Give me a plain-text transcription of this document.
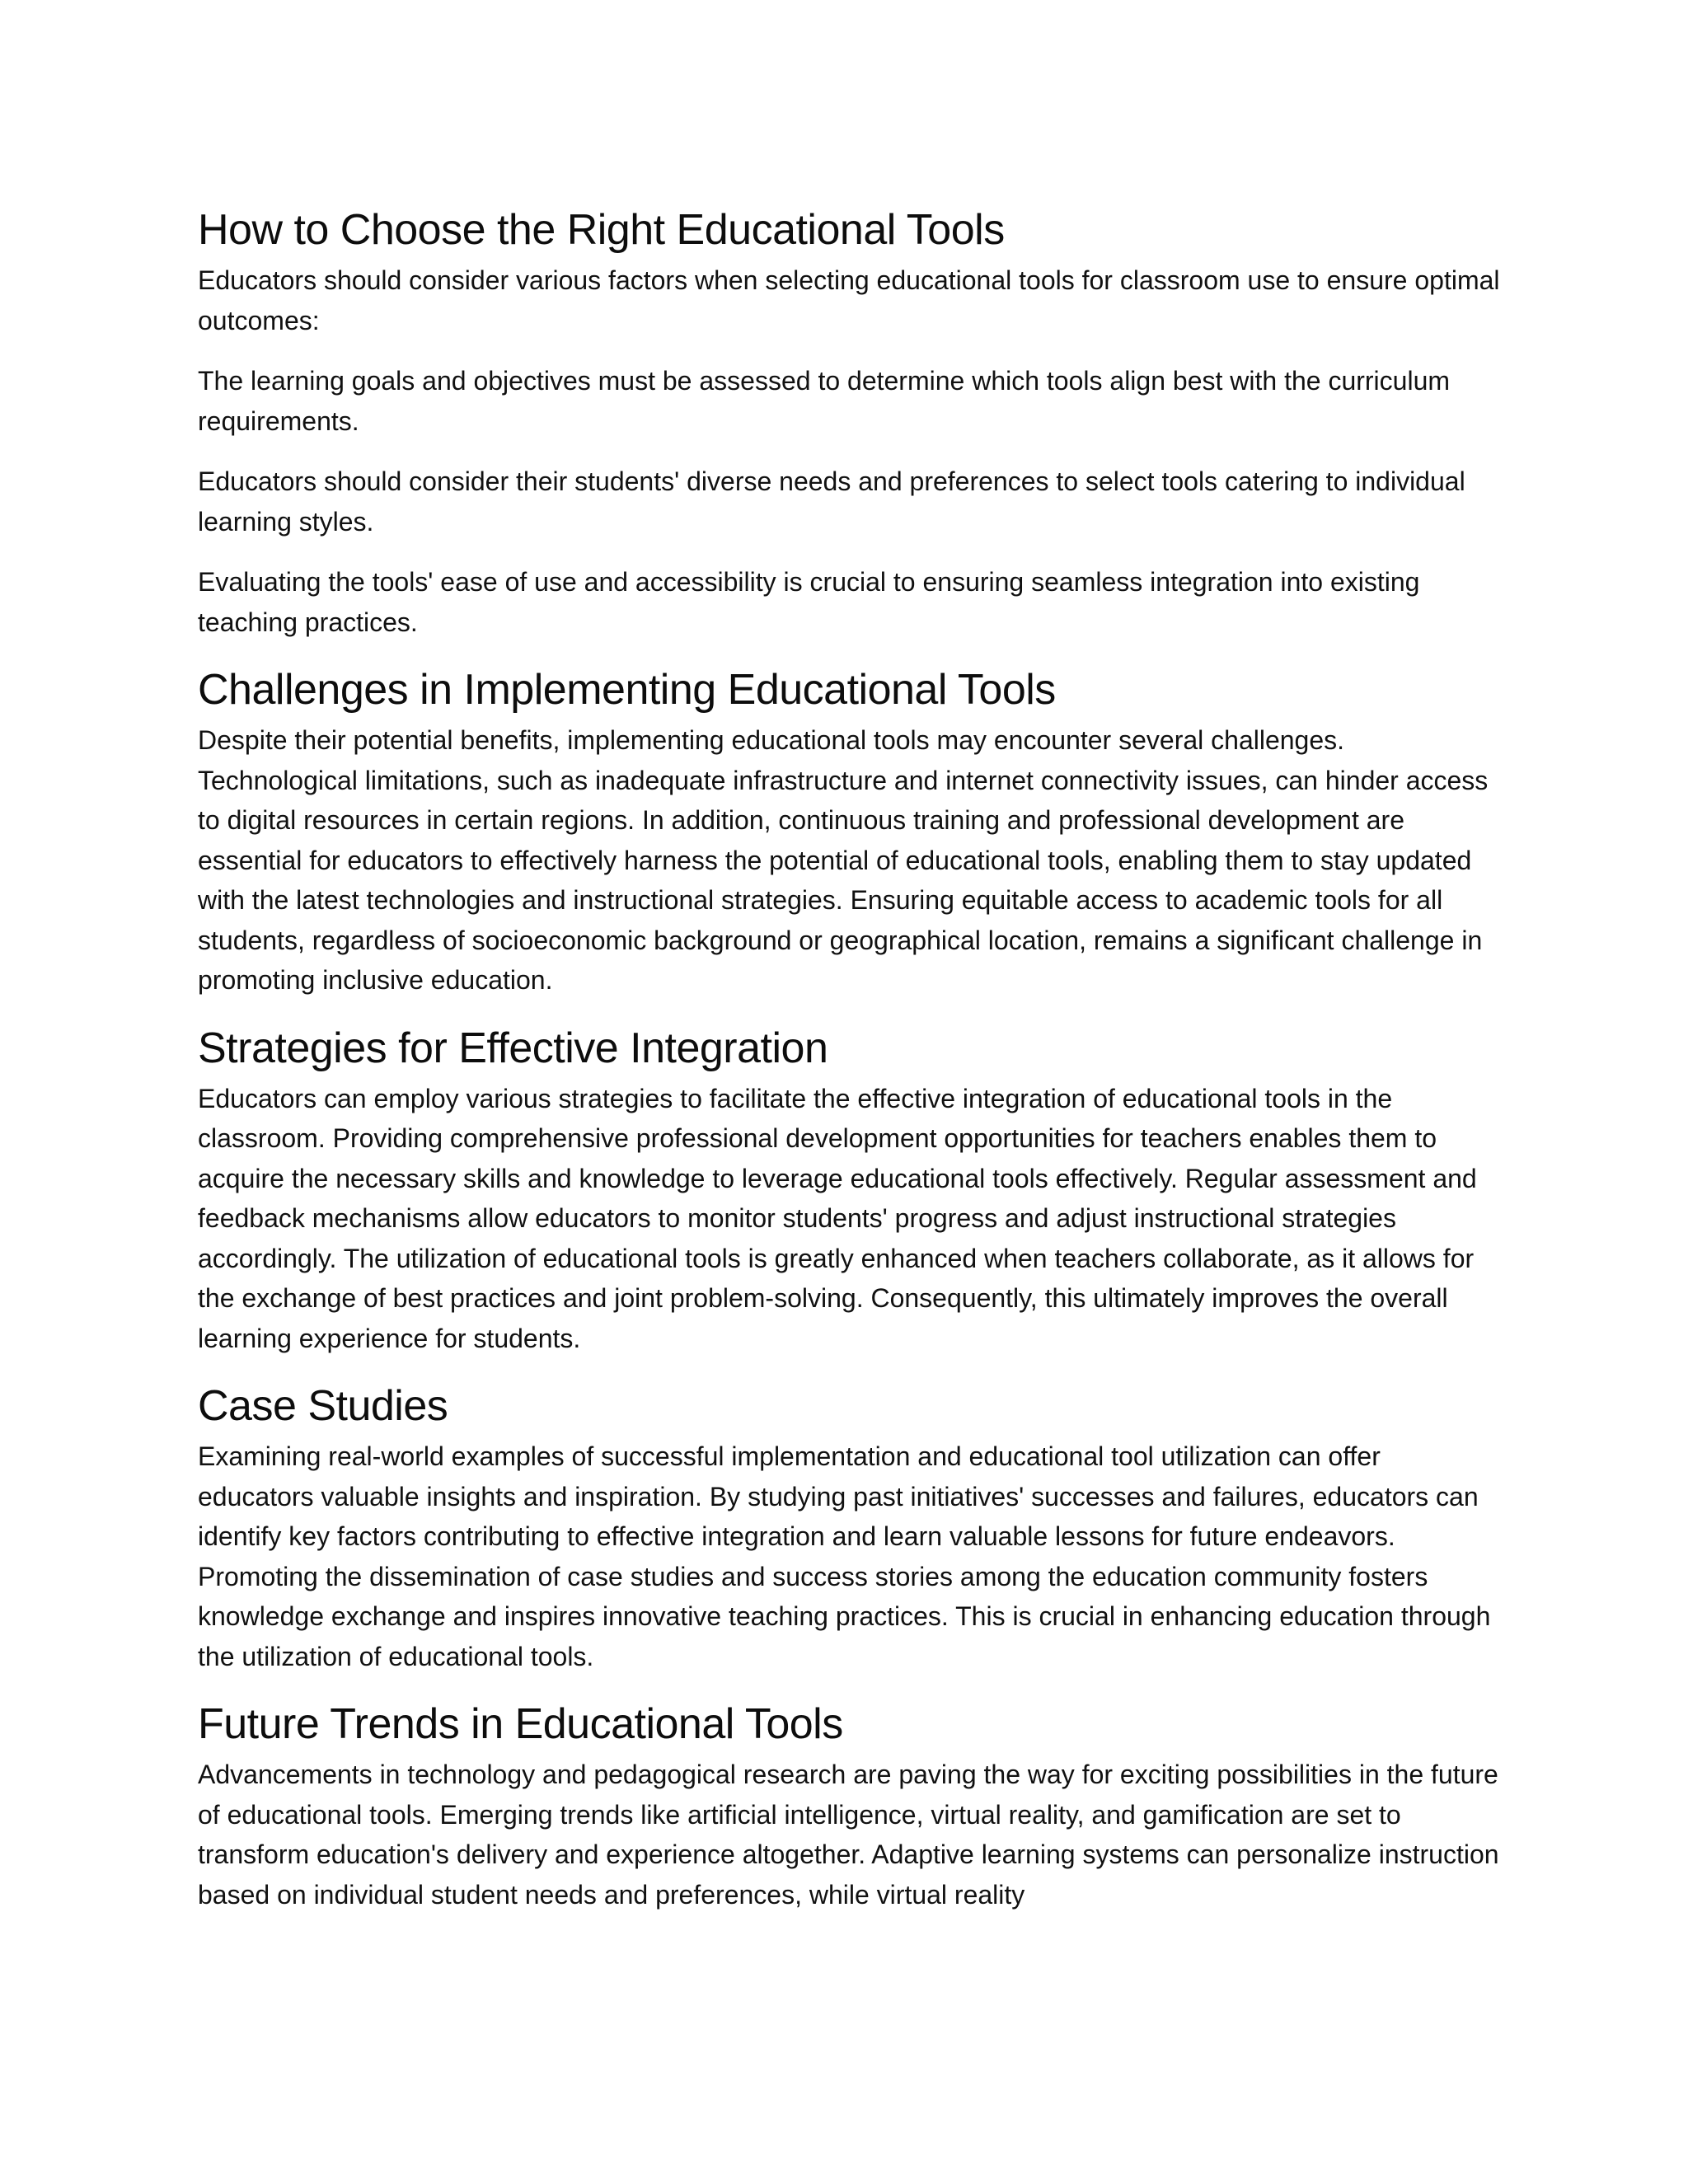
How to Choose the Right Educational Tools

Educators should consider various factors when selecting educational tools for classroom use to ensure optimal outcomes:

The learning goals and objectives must be assessed to determine which tools align best with the curriculum requirements.

Educators should consider their students' diverse needs and preferences to select tools catering to individual learning styles.

Evaluating the tools' ease of use and accessibility is crucial to ensuring seamless integration into existing teaching practices.

Challenges in Implementing Educational Tools

Despite their potential benefits, implementing educational tools may encounter several challenges. Technological limitations, such as inadequate infrastructure and internet connectivity issues, can hinder access to digital resources in certain regions. In addition, continuous training and professional development are essential for educators to effectively harness the potential of educational tools, enabling them to stay updated with the latest technologies and instructional strategies. Ensuring equitable access to academic tools for all students, regardless of socioeconomic background or geographical location, remains a significant challenge in promoting inclusive education.

Strategies for Effective Integration

Educators can employ various strategies to facilitate the effective integration of educational tools in the classroom. Providing comprehensive professional development opportunities for teachers enables them to acquire the necessary skills and knowledge to leverage educational tools effectively. Regular assessment and feedback mechanisms allow educators to monitor students' progress and adjust instructional strategies accordingly. The utilization of educational tools is greatly enhanced when teachers collaborate, as it allows for the exchange of best practices and joint problem-solving. Consequently, this ultimately improves the overall learning experience for students.

Case Studies

Examining real-world examples of successful implementation and educational tool utilization can offer educators valuable insights and inspiration. By studying past initiatives' successes and failures, educators can identify key factors contributing to effective integration and learn valuable lessons for future endeavors. Promoting the dissemination of case studies and success stories among the education community fosters knowledge exchange and inspires innovative teaching practices. This is crucial in enhancing education through the utilization of educational tools.

Future Trends in Educational Tools

Advancements in technology and pedagogical research are paving the way for exciting possibilities in the future of educational tools. Emerging trends like artificial intelligence, virtual reality, and gamification are set to transform education's delivery and experience altogether. Adaptive learning systems can personalize instruction based on individual student needs and preferences, while virtual reality
